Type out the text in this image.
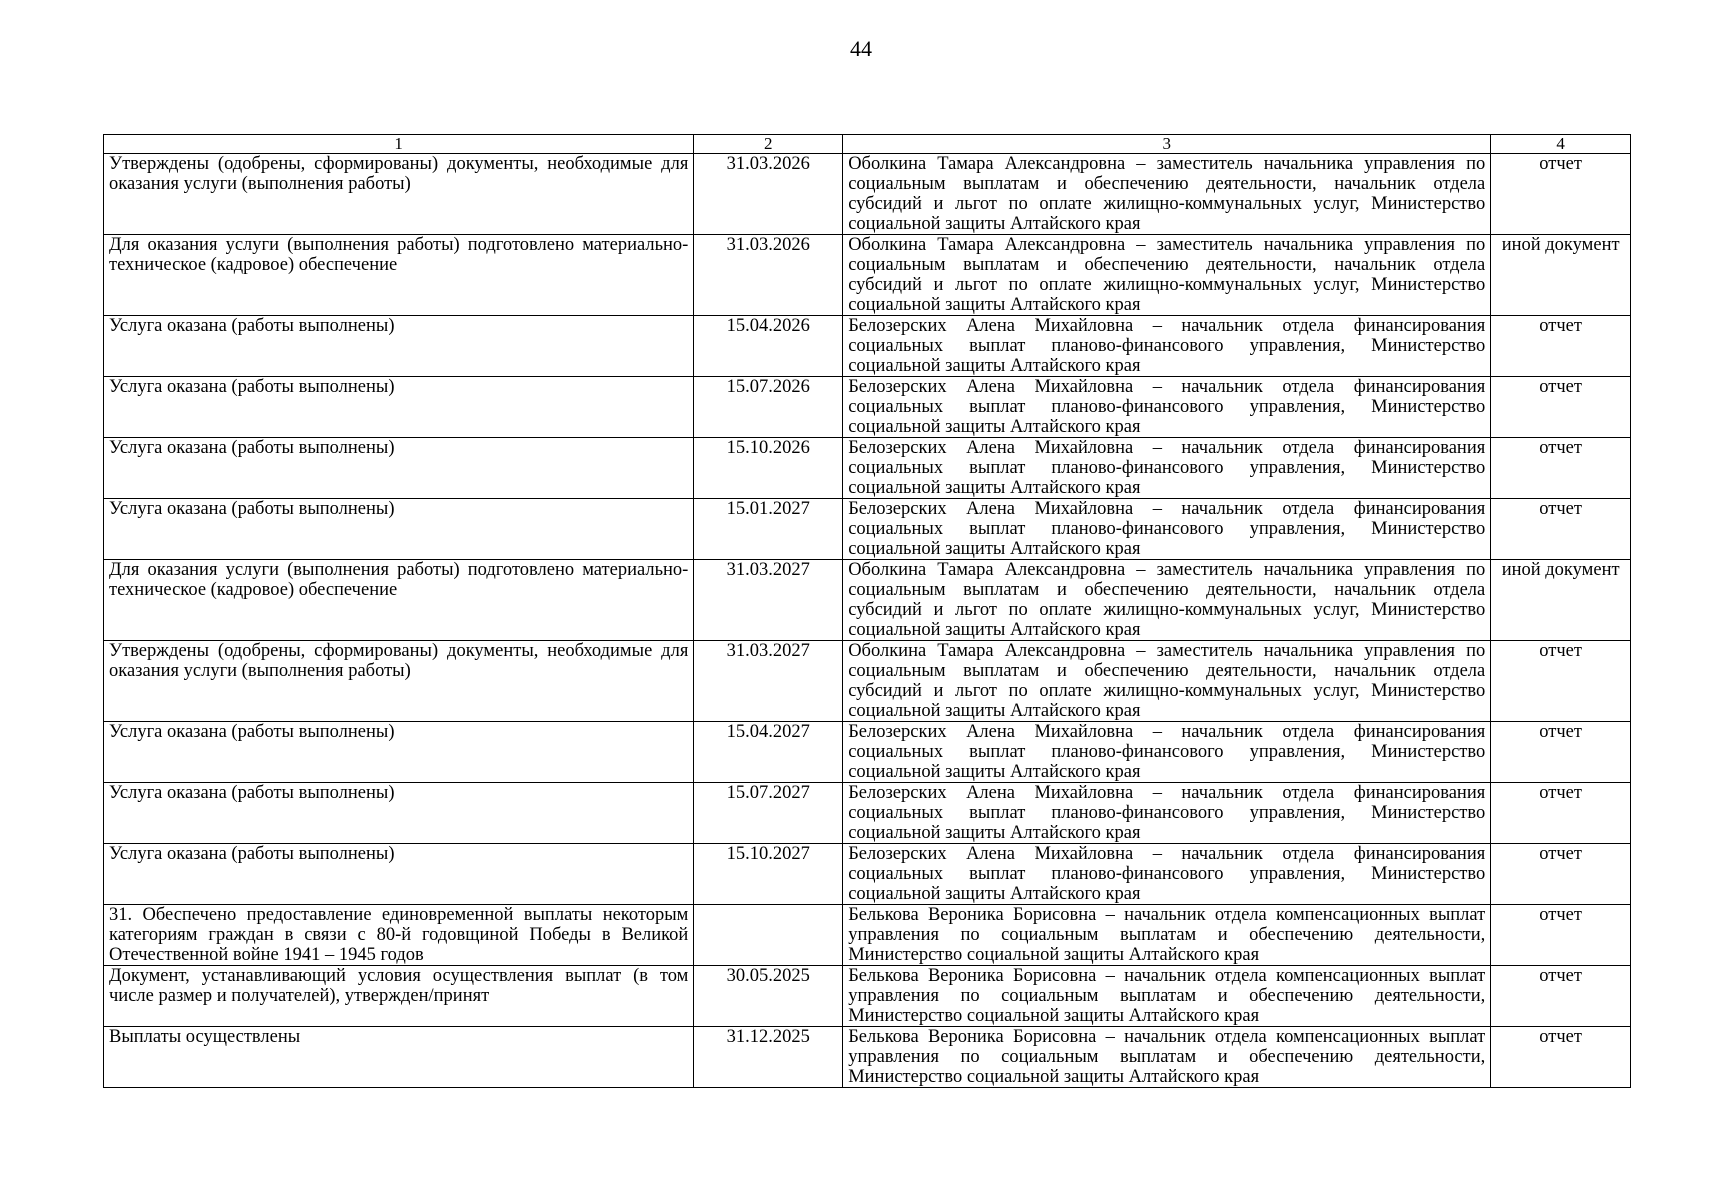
44
1	2	3	4
Утверждены (одобрены, сформированы) документы, необходимые для оказания услуги (выполнения работы)	31.03.2026	Оболкина Тамара Александровна – заместитель начальника управления по социальным выплатам и обеспечению деятельности, начальник отдела субсидий и льгот по оплате жилищно-коммунальных услуг, Министерство социальной защиты Алтайского края	отчет
Для оказания услуги (выполнения работы) подготовлено материально-техническое (кадровое) обеспечение	31.03.2026	Оболкина Тамара Александровна – заместитель начальника управления по социальным выплатам и обеспечению деятельности, начальник отдела субсидий и льгот по оплате жилищно-коммунальных услуг, Министерство социальной защиты Алтайского края	иной документ
Услуга оказана (работы выполнены)	15.04.2026	Белозерских Алена Михайловна – начальник отдела финансирования социальных выплат планово-финансового управления, Министерство социальной защиты Алтайского края	отчет
Услуга оказана (работы выполнены)	15.07.2026	Белозерских Алена Михайловна – начальник отдела финансирования социальных выплат планово-финансового управления, Министерство социальной защиты Алтайского края	отчет
Услуга оказана (работы выполнены)	15.10.2026	Белозерских Алена Михайловна – начальник отдела финансирования социальных выплат планово-финансового управления, Министерство социальной защиты Алтайского края	отчет
Услуга оказана (работы выполнены)	15.01.2027	Белозерских Алена Михайловна – начальник отдела финансирования социальных выплат планово-финансового управления, Министерство социальной защиты Алтайского края	отчет
Для оказания услуги (выполнения работы) подготовлено материально-техническое (кадровое) обеспечение	31.03.2027	Оболкина Тамара Александровна – заместитель начальника управления по социальным выплатам и обеспечению деятельности, начальник отдела субсидий и льгот по оплате жилищно-коммунальных услуг, Министерство социальной защиты Алтайского края	иной документ
Утверждены (одобрены, сформированы) документы, необходимые для оказания услуги (выполнения работы)	31.03.2027	Оболкина Тамара Александровна – заместитель начальника управления по социальным выплатам и обеспечению деятельности, начальник отдела субсидий и льгот по оплате жилищно-коммунальных услуг, Министерство социальной защиты Алтайского края	отчет
Услуга оказана (работы выполнены)	15.04.2027	Белозерских Алена Михайловна – начальник отдела финансирования социальных выплат планово-финансового управления, Министерство социальной защиты Алтайского края	отчет
Услуга оказана (работы выполнены)	15.07.2027	Белозерских Алена Михайловна – начальник отдела финансирования социальных выплат планово-финансового управления, Министерство социальной защиты Алтайского края	отчет
Услуга оказана (работы выполнены)	15.10.2027	Белозерских Алена Михайловна – начальник отдела финансирования социальных выплат планово-финансового управления, Министерство социальной защиты Алтайского края	отчет
31. Обеспечено предоставление единовременной выплаты некоторым категориям граждан в связи с 80-й годовщиной Победы в Великой Отечественной войне 1941 – 1945 годов		Белькова Вероника Борисовна – начальник отдела компенсационных выплат управления по социальным выплатам и обеспечению деятельности, Министерство социальной защиты Алтайского края	отчет
Документ, устанавливающий условия осуществления выплат (в том числе размер и получателей), утвержден/принят	30.05.2025	Белькова Вероника Борисовна – начальник отдела компенсационных выплат управления по социальным выплатам и обеспечению деятельности, Министерство социальной защиты Алтайского края	отчет
Выплаты осуществлены	31.12.2025	Белькова Вероника Борисовна – начальник отдела компенсационных выплат управления по социальным выплатам и обеспечению деятельности, Министерство социальной защиты Алтайского края	отчет
